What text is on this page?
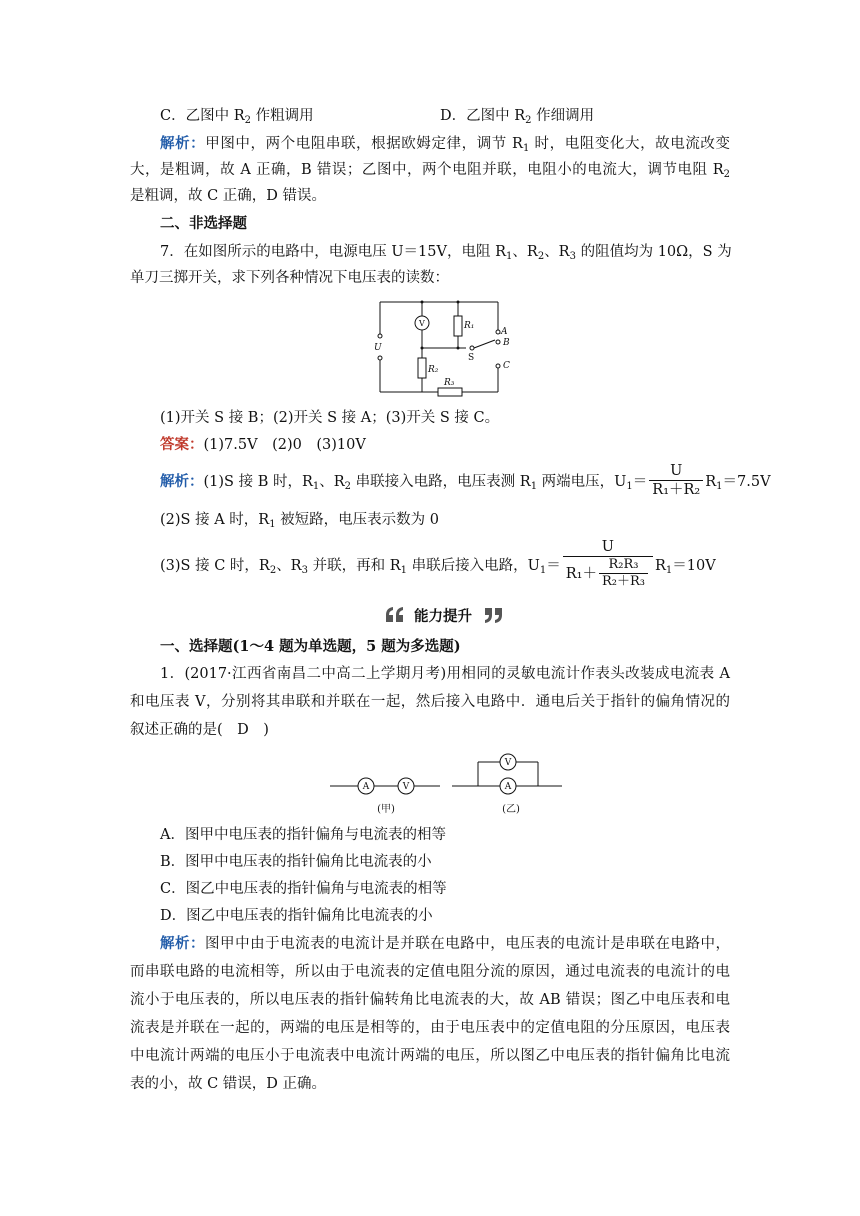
C．乙图中 $R_2$ 作粗调用	D．乙图中 $R_2$ 作细调用
解析：甲图中，两个电阻串联，根据欧姆定律，调节 $R_1$ 时，电阻变化大，故电流改变
大，是粗调，故 A 正确，B 错误；乙图中，两个电阻并联，电阻小的电流大，调节电阻 $R_2$
是粗调，故 C 正确，D 错误。
二、非选择题
7．在如图所示的电路中，电源电压 U＝15V，电阻 $R_1$、$R_2$、$R_3$ 的阻值均为 10Ω，S 为
单刀三掷开关，求下列各种情况下电压表的读数：
V	R₁
A
B
U
S
C
R₂
R₃
(1)开关 S 接 B；(2)开关 S 接 A；(3)开关 S 接 C。
答案：(1)7.5V　(2)0　(3)10V
解析：(1)S 接 B 时，$R_1$、$R_2$ 串联接入电路，电压表测 $R_1$ 两端电压，$U_1= \frac{U}{\text{R₁＋R₂}} R_1=7.5V$
(2)S 接 A 时，$R_1$ 被短路，电压表示数为 0
(3)S 接 C 时，$R_2$、$R_3$ 并联，再和 $R_1$ 串联后接入电路，$U_1= \frac{U}{R_1+ \frac{\text{R₂R₃}}{\text{R₂＋R₃}}} R_1=10V$
能力提升
一、选择题(1～4 题为单选题，5 题为多选题)
1．(2017·江西省南昌二中高二上学期月考)用相同的灵敏电流计作表头改装成电流表 A
和电压表 V，分别将其串联和并联在一起，然后接入电路中．通电后关于指针的偏角情况的
叙述正确的是(　D　)
A	V
V
A
(甲)	(乙)
A．图甲中电压表的指针偏角与电流表的相等
B．图甲中电压表的指针偏角比电流表的小
C．图乙中电压表的指针偏角与电流表的相等
D．图乙中电压表的指针偏角比电流表的小
解析：图甲中由于电流表的电流计是并联在电路中，电压表的电流计是串联在电路中，
而串联电路的电流相等，所以由于电流表的定值电阻分流的原因，通过电流表的电流计的电
流小于电压表的，所以电压表的指针偏转角比电流表的大，故 AB 错误；图乙中电压表和电
流表是并联在一起的，两端的电压是相等的，由于电压表中的定值电阻的分压原因，电压表
中电流计两端的电压小于电流表中电流计两端的电压，所以图乙中电压表的指针偏角比电流
表的小，故 C 错误，D 正确。
